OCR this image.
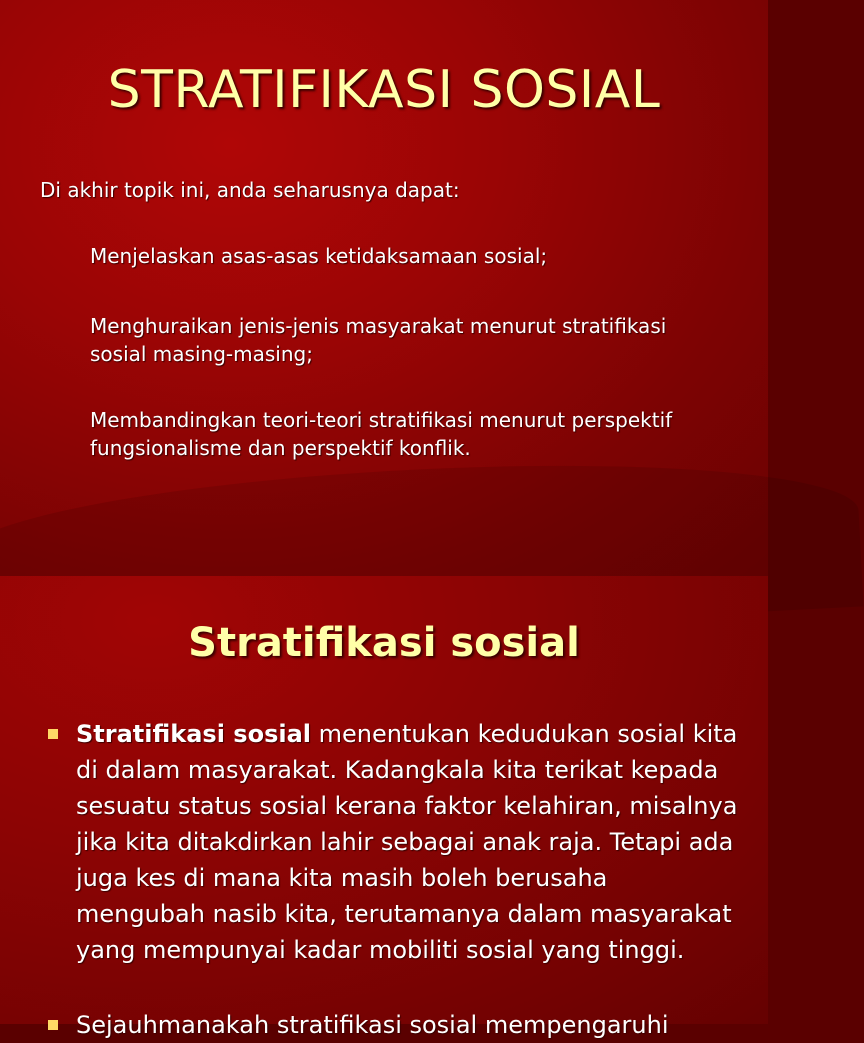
STRATIFIKASI SOSIAL
Di akhir topik ini, anda seharusnya dapat:
Menjelaskan asas-asas ketidaksamaan sosial;
Menghuraikan jenis-jenis masyarakat menurut stratifikasi
sosial masing-masing;
Membandingkan teori-teori stratifikasi menurut perspektif
fungsionalisme dan perspektif konflik.
Stratifikasi sosial
Stratifikasi sosial menentukan kedudukan sosial kita di dalam masyarakat. Kadangkala kita terikat kepada sesuatu status sosial kerana faktor kelahiran, misalnya jika kita ditakdirkan lahir sebagai anak raja. Tetapi ada juga kes di mana kita masih boleh berusaha mengubah nasib kita, terutamanya dalam masyarakat yang mempunyai kadar mobiliti sosial yang tinggi.
Sejauhmanakah stratifikasi sosial mempengaruhi
